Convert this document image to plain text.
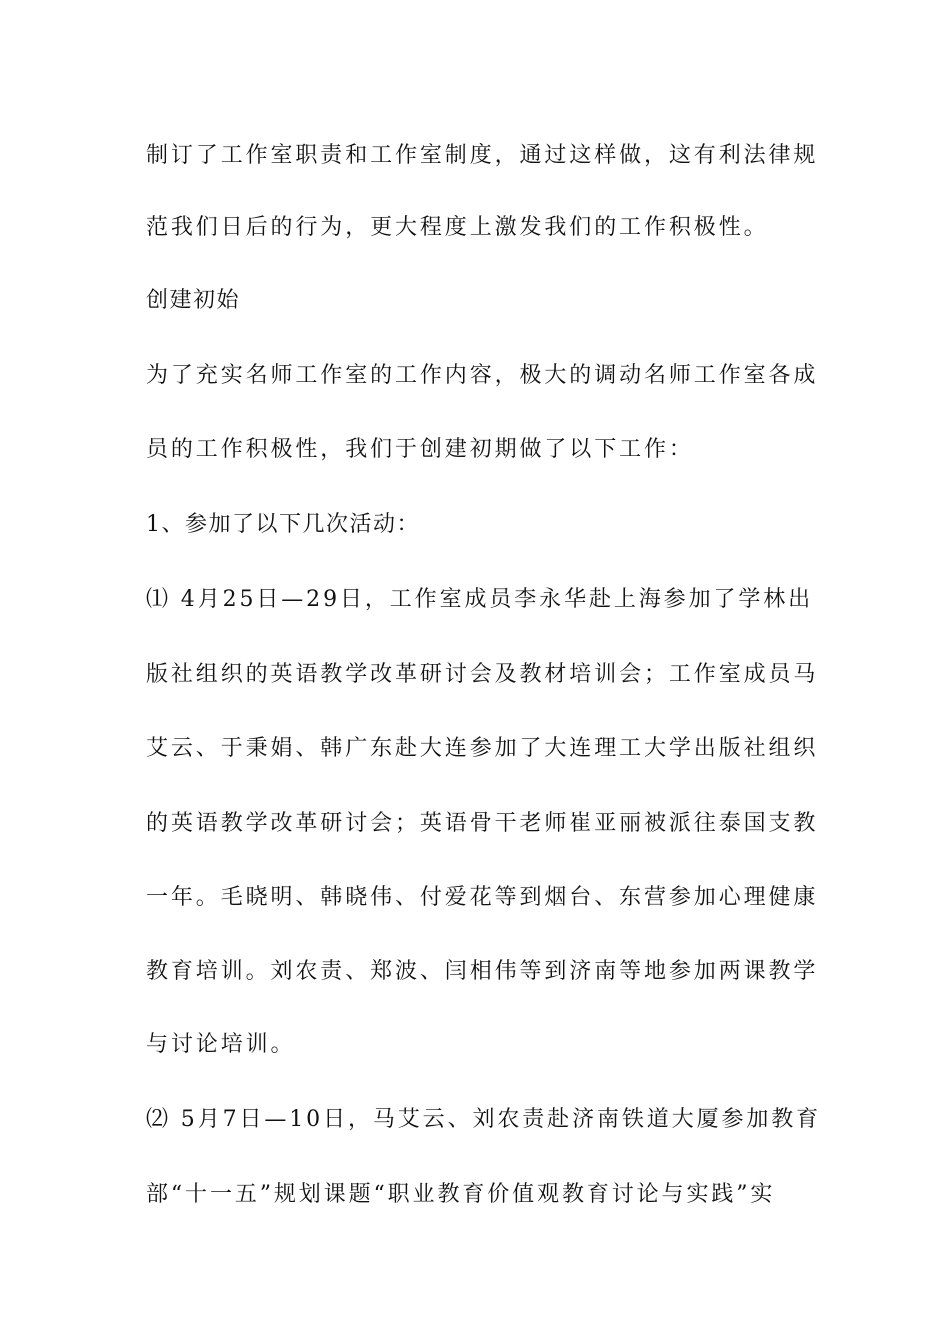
制订了工作室职责和工作室制度，通过这样做，这有利法律规
范我们日后的行为，更大程度上激发我们的工作积极性。
创建初始
为了充实名师工作室的工作内容，极大的调动名师工作室各成
员的工作积极性，我们于创建初期做了以下工作：
1、参加了以下几次活动：
⑴ 4月25日—29日，工作室成员李永华赴上海参加了学林出
版社组织的英语教学改革研讨会及教材培训会；工作室成员马
艾云、于秉娟、韩广东赴大连参加了大连理工大学出版社组织
的英语教学改革研讨会；英语骨干老师崔亚丽被派往泰国支教
一年。毛晓明、韩晓伟、付爱花等到烟台、东营参加心理健康
教育培训。刘农责、郑波、闫相伟等到济南等地参加两课教学
与讨论培训。
⑵ 5月7日—10日，马艾云、刘农责赴济南铁道大厦参加教育
部“十一五”规划课题“职业教育价值观教育讨论与实践”实
